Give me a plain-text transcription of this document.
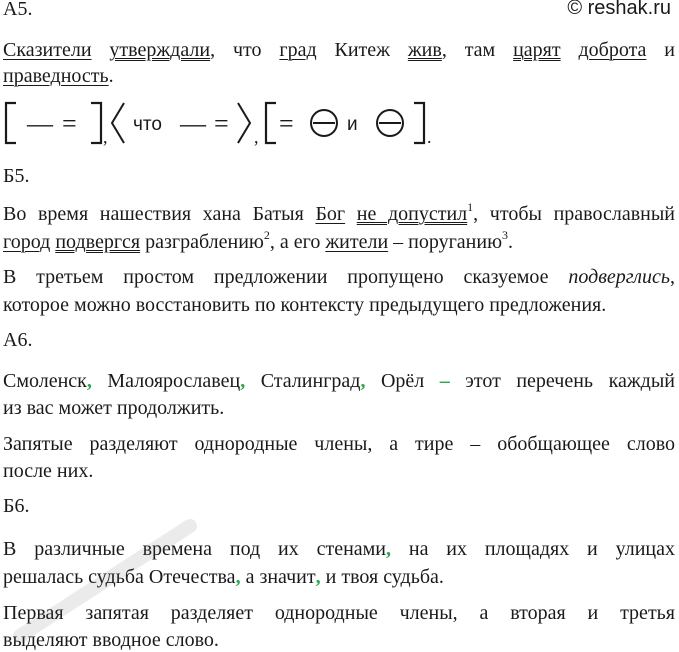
А5.	© reshak.ru
Сказители утверждали, что град Китеж жив, там царят доброта и
праведность.
— = ,
что — = , =	и
.
Б5.
Во время нашествия хана Батыя Бог не допустил$^1$, чтобы православный
город подвергся разграблению$^2$, а его жители – поруганию$^3$.
В третьем простом предложении пропущено сказуемое подверглись,
которое можно восстановить по контексту предыдущего предложения.
А6.
Смоленск, Малоярославец, Сталинград, Орёл – этот перечень каждый
из вас может продолжить.
Запятые разделяют однородные члены, а тире – обобщающее слово
после них.
Б6.
В различные времена под их стенами, на их площадях и улицах
решалась судьба Отечества, а значит, и твоя судьба.
Первая запятая разделяет однородные члены, а вторая и третья
выделяют вводное слово.
